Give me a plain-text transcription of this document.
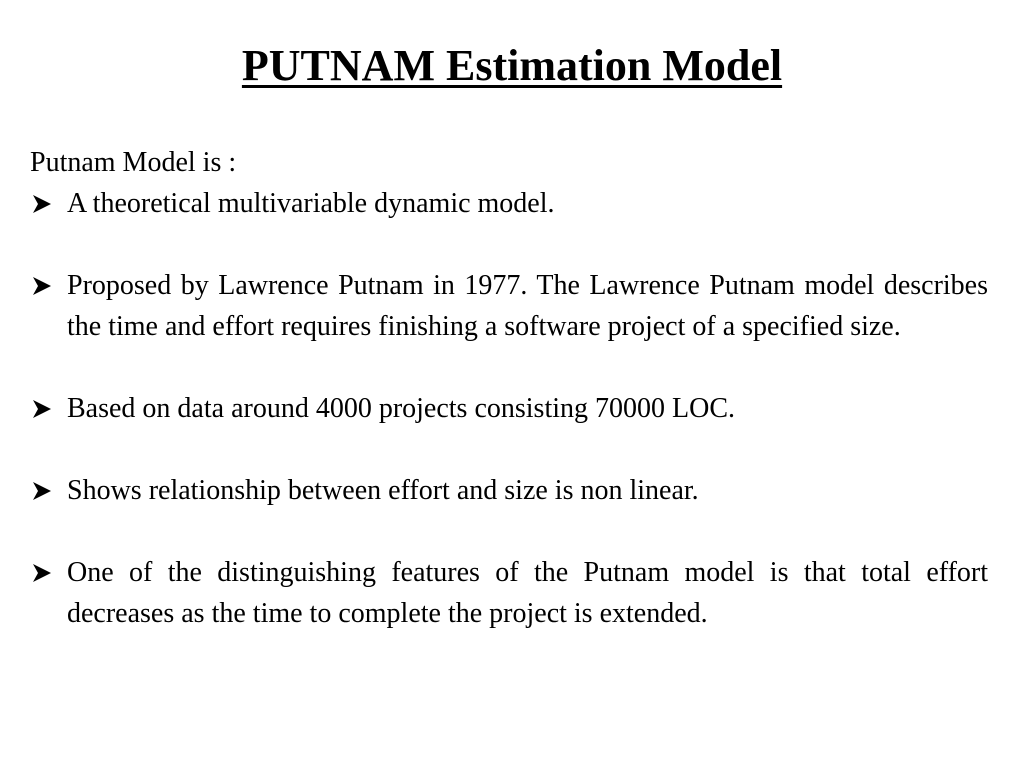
PUTNAM Estimation Model

Putnam Model is :

A theoretical multivariable dynamic model.
Proposed by Lawrence Putnam in 1977. The Lawrence Putnam model describes the time and effort requires finishing a software project of a specified size.
Based on data around 4000 projects consisting 70000 LOC.
Shows relationship between effort and size is non linear.
One of the distinguishing features of the Putnam model is that total effort decreases as the time to complete the project is extended.
